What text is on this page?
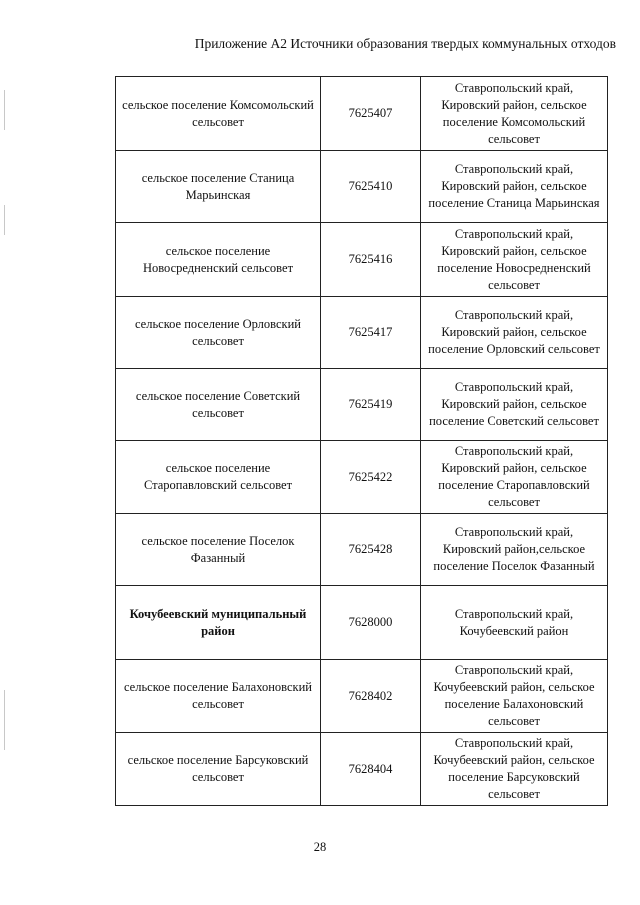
Приложение А2 Источники образования твердых коммунальных отходов
сельское поселение Комсомольский сельсовет	7625407	Ставропольский край, Кировский район, сельское поселение Комсомольский сельсовет
сельское поселение Станица Марьинская	7625410	Ставропольский край, Кировский район, сельское поселение Станица Марьинская
сельское поселение Новосредненский сельсовет	7625416	Ставропольский край, Кировский район, сельское поселение Новосредненский сельсовет
сельское поселение Орловский сельсовет	7625417	Ставропольский край, Кировский район, сельское поселение Орловский сельсовет
сельское поселение Советский сельсовет	7625419	Ставропольский край, Кировский район, сельское поселение Советский сельсовет
сельское поселение Старопавловский сельсовет	7625422	Ставропольский край, Кировский район, сельское поселение Старопавловский сельсовет
сельское поселение Поселок Фазанный	7625428	Ставропольский край, Кировский район,сельское поселение Поселок Фазанный
Кочубеевский муниципальный район	7628000	Ставропольский край, Кочубеевский район
сельское поселение Балахоновский сельсовет	7628402	Ставропольский край, Кочубеевский район, сельское поселение Балахоновский сельсовет
сельское поселение Барсуковский сельсовет	7628404	Ставропольский край, Кочубеевский район, сельское поселение Барсуковский сельсовет
28
